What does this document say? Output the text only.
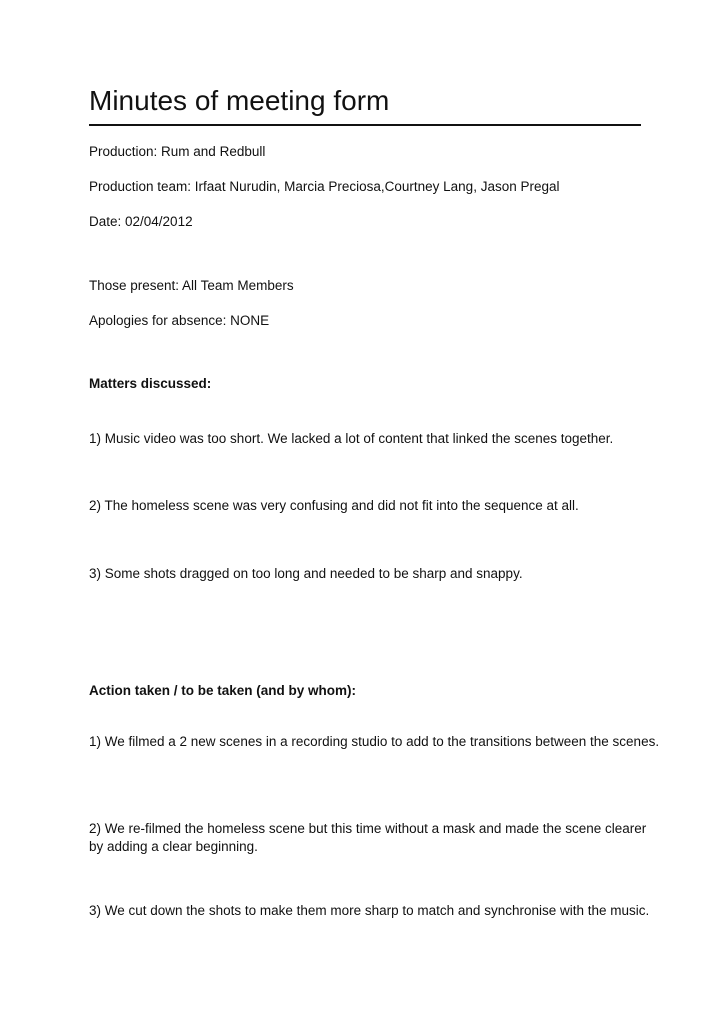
Minutes of meeting form

Production: Rum and Redbull

Production team: Irfaat Nurudin, Marcia Preciosa,Courtney Lang, Jason Pregal

Date: 02/04/2012

Those present: All Team Members

Apologies for absence: NONE

Matters discussed:

1) Music video was too short. We lacked a lot of content that linked the scenes together.

2) The homeless scene was very confusing and did not fit into the sequence at all.

3) Some shots dragged on too long and needed to be sharp and snappy.

Action taken / to be taken (and by whom):

1) We filmed a 2 new scenes in a recording studio to add to the transitions between the scenes.

2) We re-filmed the homeless scene but this time without a mask and made the scene clearer by adding a clear beginning.

3) We cut down the shots to make them more sharp to match and synchronise with the music.
